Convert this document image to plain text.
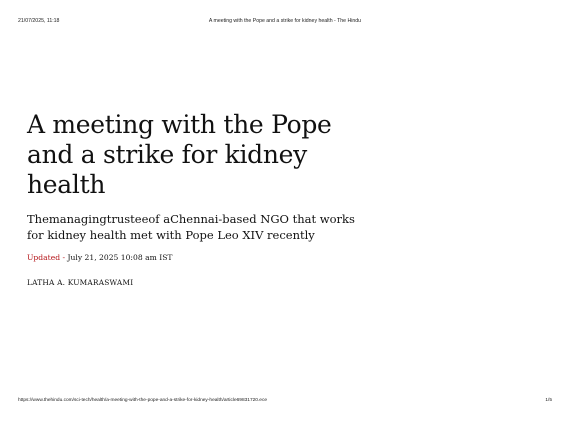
21/07/2025, 11:18	A meeting with the Pope and a strike for kidney health - The Hindu
A meeting with the Pope and a strike for kidney health

Themanagingtrusteeof aChennai-based NGO that works for kidney health met with Pope Leo XIV recently

Updated - July 21, 2025 10:08 am IST

LATHA A. KUMARASWAMI

https://www.thehindu.com/sci-tech/health/a-meeting-with-the-pope-and-a-strike-for-kidney-health/article69831720.ece	1/5
